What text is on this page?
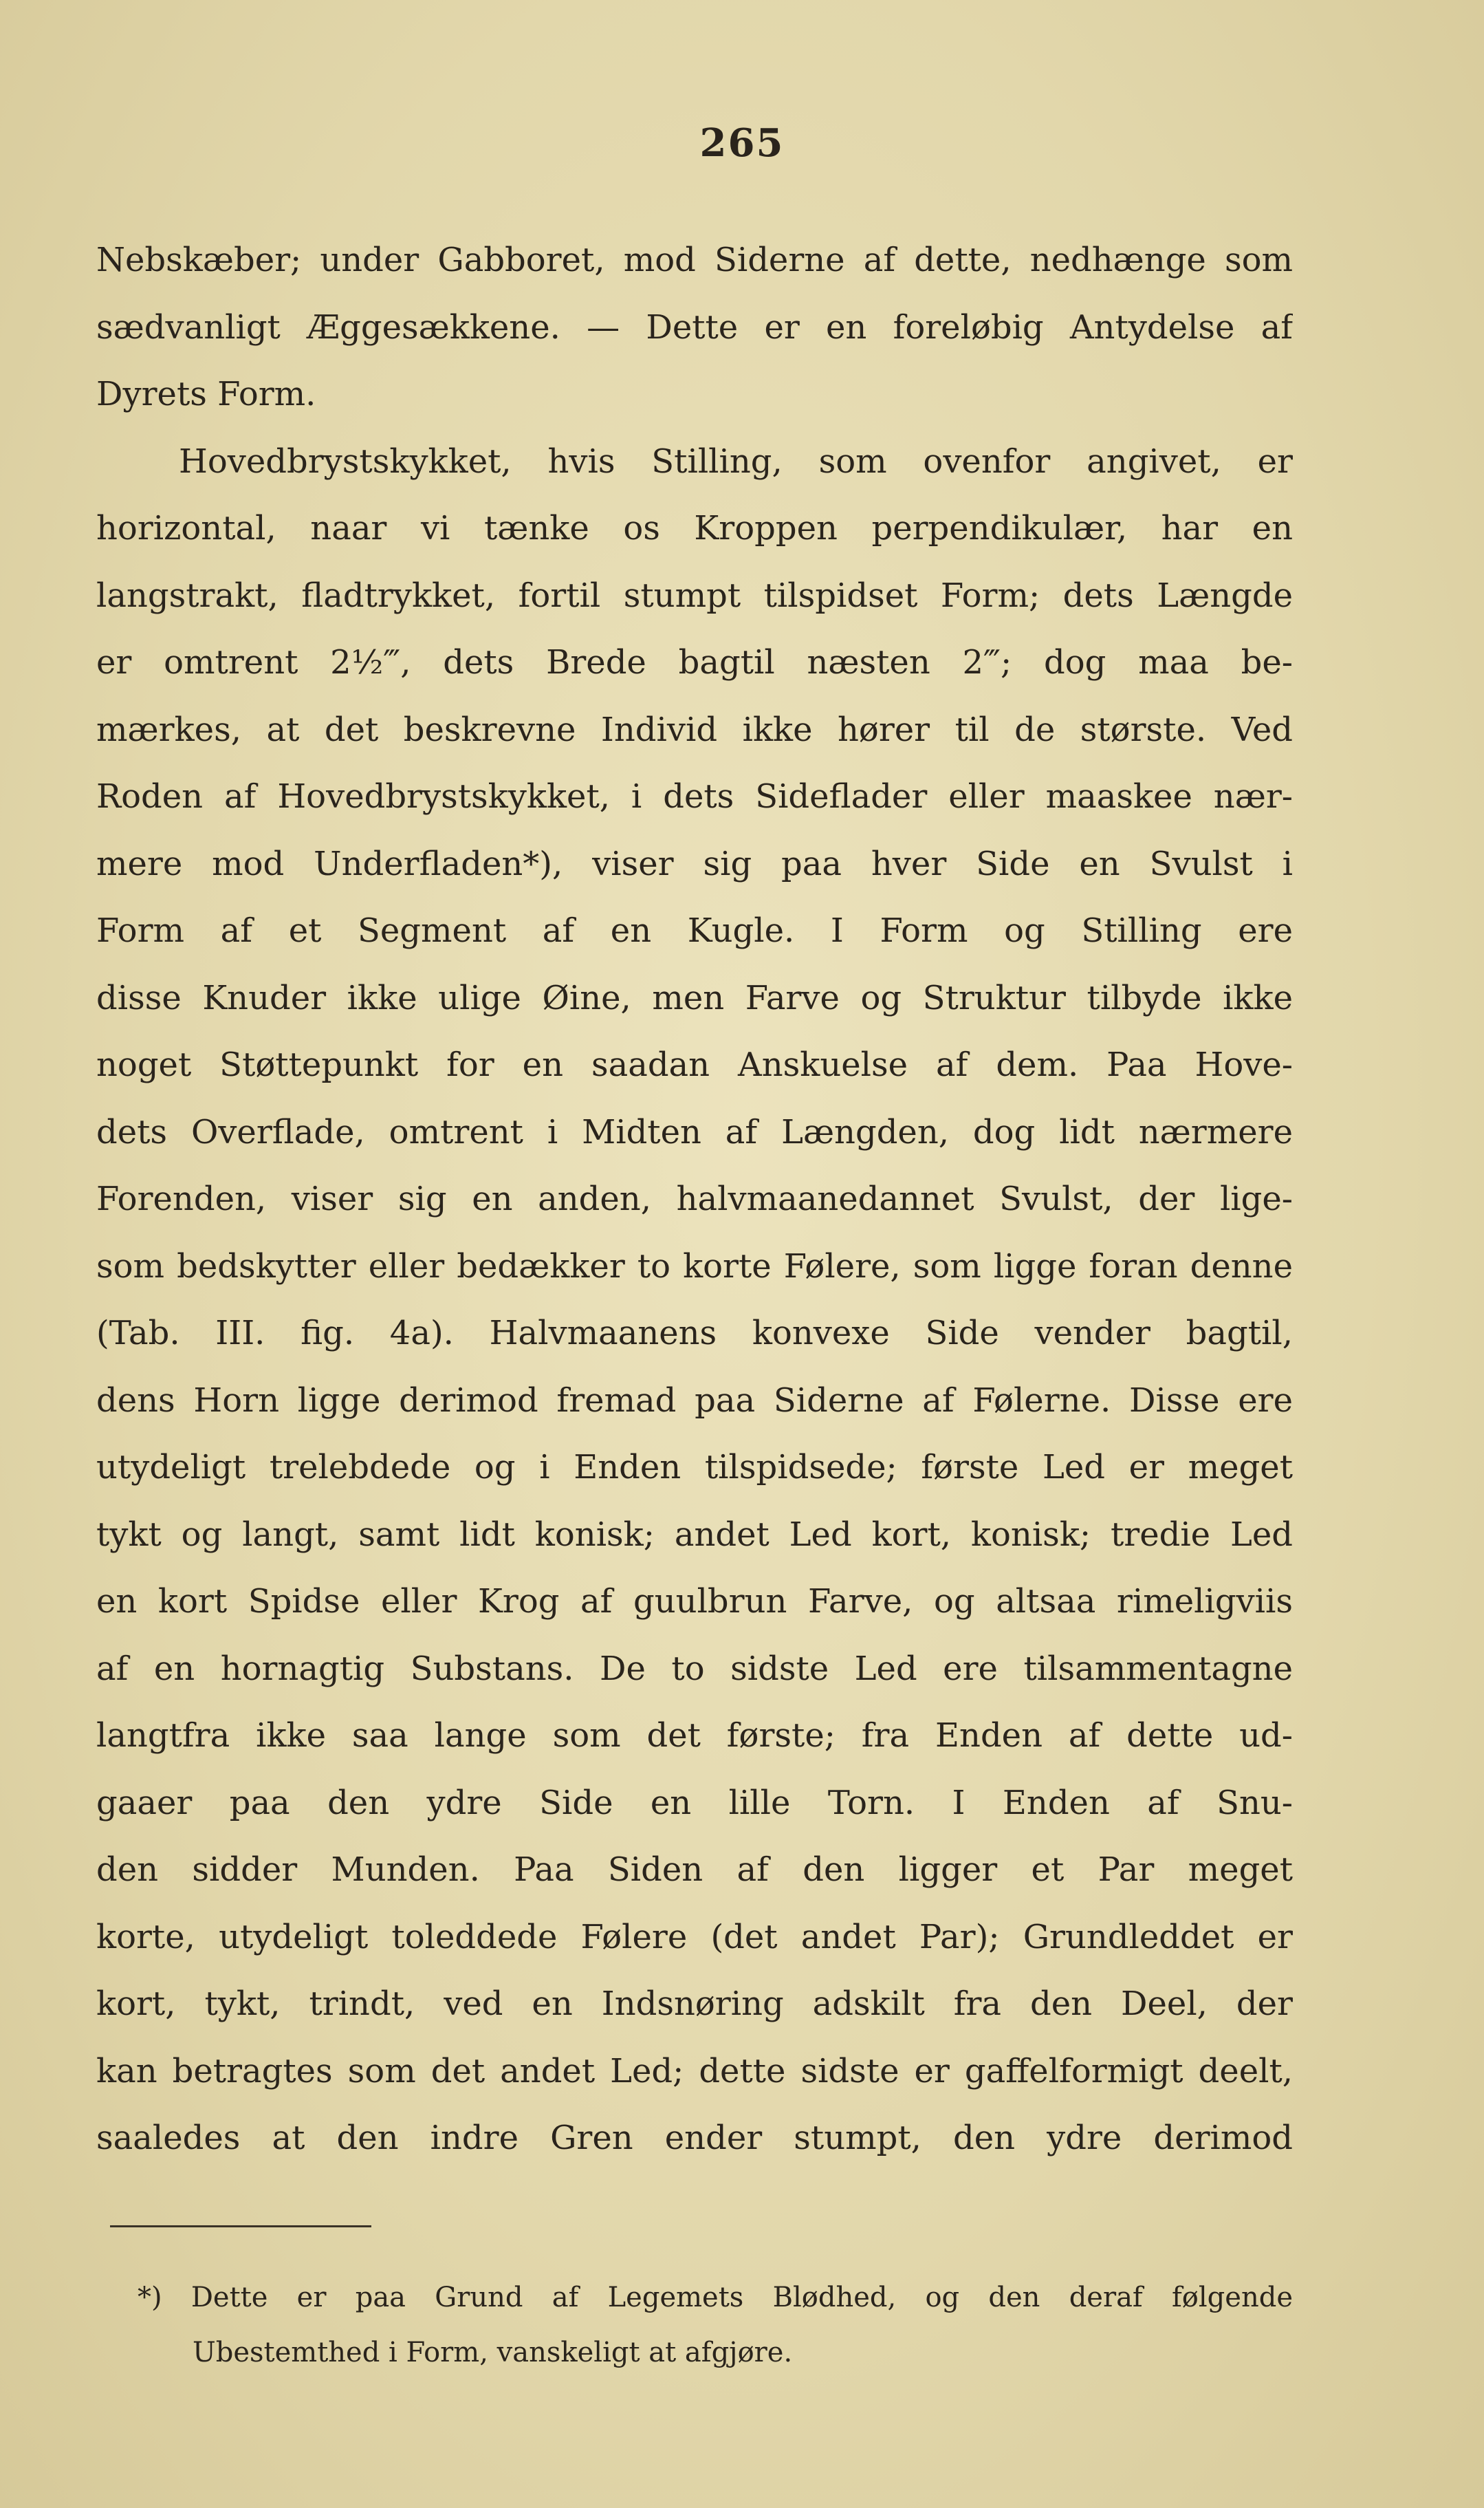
265
Nebskæber; under Gabboret, mod Siderne af dette, nedhænge som
sædvanligt Æggesækkene. — Dette er en foreløbig Antydelse af
Dyrets Form.
Hovedbrystskykket, hvis Stilling, som ovenfor angivet, er
horizontal, naar vi tænke os Kroppen perpendikulær, har en
langstrakt, fladtrykket, fortil stumpt tilspidset Form; dets Længde
er omtrent 2½‴, dets Brede bagtil næsten 2‴; dog maa be-
mærkes, at det beskrevne Individ ikke hører til de største. Ved
Roden af Hovedbrystskykket, i dets Sideflader eller maaskee nær-
mere mod Underfladen*), viser sig paa hver Side en Svulst i
Form af et Segment af en Kugle. I Form og Stilling ere
disse Knuder ikke ulige Øine, men Farve og Struktur tilbyde ikke
noget Støttepunkt for en saadan Anskuelse af dem. Paa Hove-
dets Overflade, omtrent i Midten af Længden, dog lidt nærmere
Forenden, viser sig en anden, halvmaanedannet Svulst, der lige-
som bedskytter eller bedækker to korte Følere, som ligge foran denne
(Tab. III. fig. 4a). Halvmaanens konvexe Side vender bagtil,
dens Horn ligge derimod fremad paa Siderne af Følerne. Disse ere
utydeligt trelebdede og i Enden tilspidsede; første Led er meget
tykt og langt, samt lidt konisk; andet Led kort, konisk; tredie Led
en kort Spidse eller Krog af guulbrun Farve, og altsaa rimeligviis
af en hornagtig Substans. De to sidste Led ere tilsammentagne
langtfra ikke saa lange som det første; fra Enden af dette ud-
gaaer paa den ydre Side en lille Torn. I Enden af Snu-
den sidder Munden. Paa Siden af den ligger et Par meget
korte, utydeligt toleddede Følere (det andet Par); Grundleddet er
kort, tykt, trindt, ved en Indsnøring adskilt fra den Deel, der
kan betragtes som det andet Led; dette sidste er gaffelformigt deelt,
saaledes at den indre Gren ender stumpt, den ydre derimod
*) Dette er paa Grund af Legemets Blødhed, og den deraf følgende
Ubestemthed i Form, vanskeligt at afgjøre.
